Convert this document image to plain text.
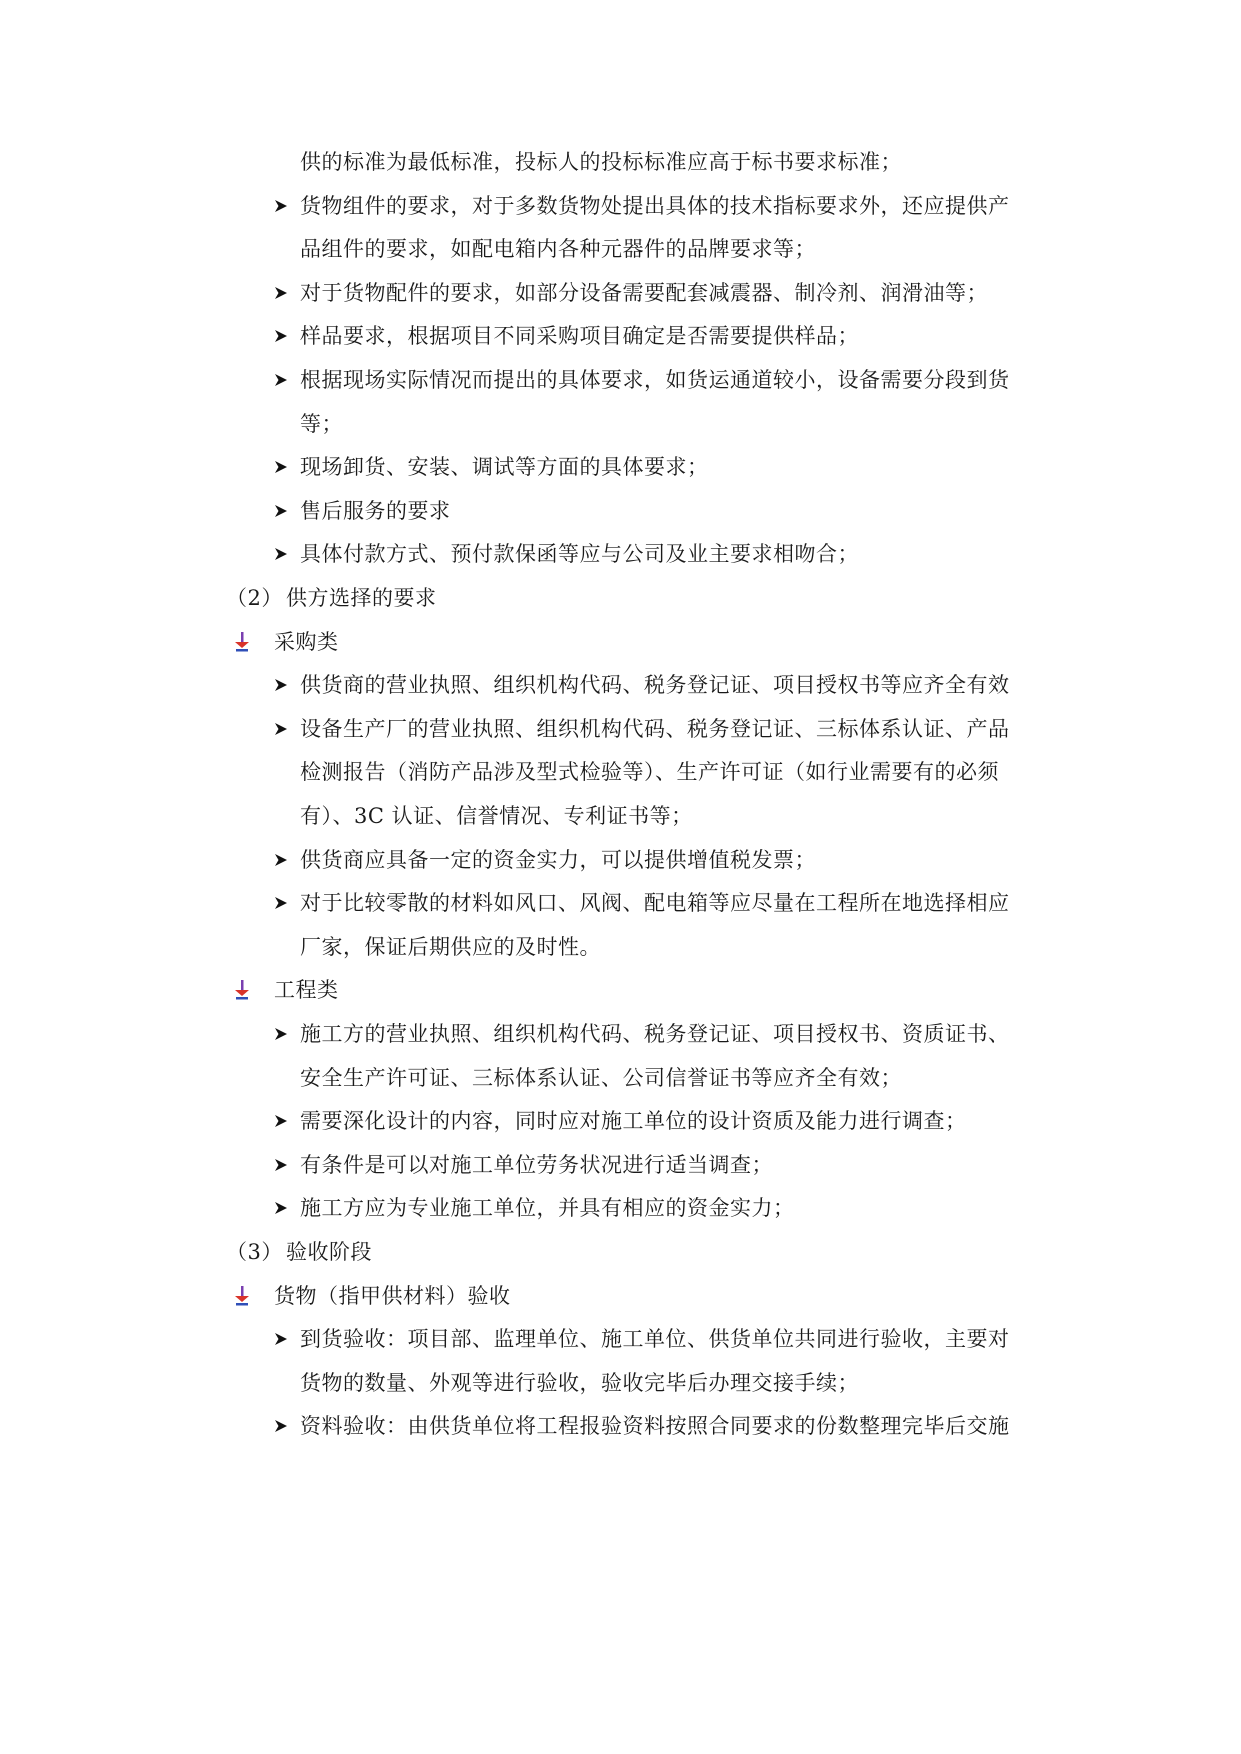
供的标准为最低标准，投标人的投标标准应高于标书要求标准；
货物组件的要求，对于多数货物处提出具体的技术指标要求外，还应提供产
品组件的要求，如配电箱内各种元器件的品牌要求等；
对于货物配件的要求，如部分设备需要配套减震器、制冷剂、润滑油等；
样品要求，根据项目不同采购项目确定是否需要提供样品；
根据现场实际情况而提出的具体要求，如货运通道较小，设备需要分段到货
等；
现场卸货、安装、调试等方面的具体要求；
售后服务的要求
具体付款方式、预付款保函等应与公司及业主要求相吻合；
（2） 供方选择的要求
采购类
供货商的营业执照、组织机构代码、税务登记证、项目授权书等应齐全有效
设备生产厂的营业执照、组织机构代码、税务登记证、三标体系认证、产品
检测报告（消防产品涉及型式检验等）、生产许可证（如行业需要有的必须
有）、3C 认证、信誉情况、专利证书等；
供货商应具备一定的资金实力，可以提供增值税发票；
对于比较零散的材料如风口、风阀、配电箱等应尽量在工程所在地选择相应
厂家，保证后期供应的及时性。
工程类
施工方的营业执照、组织机构代码、税务登记证、项目授权书、资质证书、
安全生产许可证、三标体系认证、公司信誉证书等应齐全有效；
需要深化设计的内容，同时应对施工单位的设计资质及能力进行调查；
有条件是可以对施工单位劳务状况进行适当调查；
施工方应为专业施工单位，并具有相应的资金实力；
（3） 验收阶段
货物（指甲供材料）验收
到货验收：项目部、监理单位、施工单位、供货单位共同进行验收，主要对
货物的数量、外观等进行验收，验收完毕后办理交接手续；
资料验收：由供货单位将工程报验资料按照合同要求的份数整理完毕后交施
